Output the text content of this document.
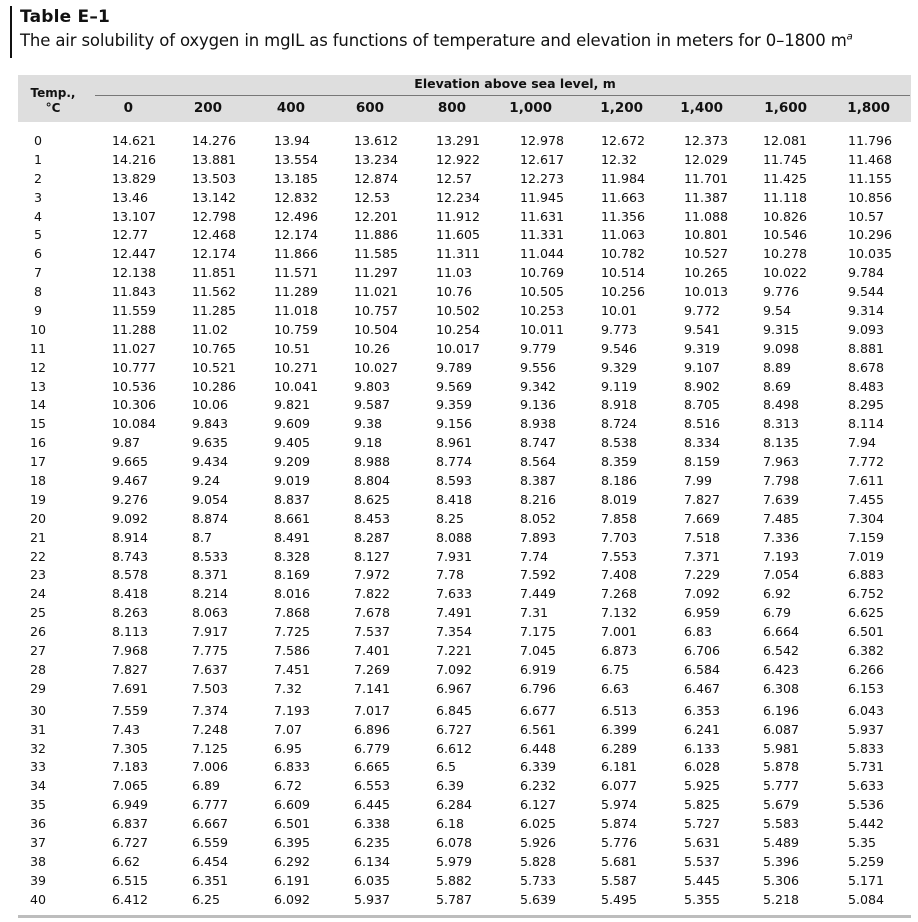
Table E–1
The air solubility of oxygen in mgIL as functions of temperature and elevation in meters for 0–1800 $m^a$
Temp.,
°C
Elevation above sea level, m
0	200	400	600	800	1,000	1,200	1,400	1,600	1,800
0	14.621	14.276	13.94	13.612	13.291	12.978	12.672	12.373	12.081	11.796
1	14.216	13.881	13.554	13.234	12.922	12.617	12.32	12.029	11.745	11.468
2	13.829	13.503	13.185	12.874	12.57	12.273	11.984	11.701	11.425	11.155
3	13.46	13.142	12.832	12.53	12.234	11.945	11.663	11.387	11.118	10.856
4	13.107	12.798	12.496	12.201	11.912	11.631	11.356	11.088	10.826	10.57
5	12.77	12.468	12.174	11.886	11.605	11.331	11.063	10.801	10.546	10.296
6	12.447	12.174	11.866	11.585	11.311	11.044	10.782	10.527	10.278	10.035
7	12.138	11.851	11.571	11.297	11.03	10.769	10.514	10.265	10.022	9.784
8	11.843	11.562	11.289	11.021	10.76	10.505	10.256	10.013	9.776	9.544
9	11.559	11.285	11.018	10.757	10.502	10.253	10.01	9.772	9.54	9.314
10	11.288	11.02	10.759	10.504	10.254	10.011	9.773	9.541	9.315	9.093
11	11.027	10.765	10.51	10.26	10.017	9.779	9.546	9.319	9.098	8.881
12	10.777	10.521	10.271	10.027	9.789	9.556	9.329	9.107	8.89	8.678
13	10.536	10.286	10.041	9.803	9.569	9.342	9.119	8.902	8.69	8.483
14	10.306	10.06	9.821	9.587	9.359	9.136	8.918	8.705	8.498	8.295
15	10.084	9.843	9.609	9.38	9.156	8.938	8.724	8.516	8.313	8.114
16	9.87	9.635	9.405	9.18	8.961	8.747	8.538	8.334	8.135	7.94
17	9.665	9.434	9.209	8.988	8.774	8.564	8.359	8.159	7.963	7.772
18	9.467	9.24	9.019	8.804	8.593	8.387	8.186	7.99	7.798	7.611
19	9.276	9.054	8.837	8.625	8.418	8.216	8.019	7.827	7.639	7.455
20	9.092	8.874	8.661	8.453	8.25	8.052	7.858	7.669	7.485	7.304
21	8.914	8.7	8.491	8.287	8.088	7.893	7.703	7.518	7.336	7.159
22	8.743	8.533	8.328	8.127	7.931	7.74	7.553	7.371	7.193	7.019
23	8.578	8.371	8.169	7.972	7.78	7.592	7.408	7.229	7.054	6.883
24	8.418	8.214	8.016	7.822	7.633	7.449	7.268	7.092	6.92	6.752
25	8.263	8.063	7.868	7.678	7.491	7.31	7.132	6.959	6.79	6.625
26	8.113	7.917	7.725	7.537	7.354	7.175	7.001	6.83	6.664	6.501
27	7.968	7.775	7.586	7.401	7.221	7.045	6.873	6.706	6.542	6.382
28	7.827	7.637	7.451	7.269	7.092	6.919	6.75	6.584	6.423	6.266
29	7.691	7.503	7.32	7.141	6.967	6.796	6.63	6.467	6.308	6.153
30	7.559	7.374	7.193	7.017	6.845	6.677	6.513	6.353	6.196	6.043
31	7.43	7.248	7.07	6.896	6.727	6.561	6.399	6.241	6.087	5.937
32	7.305	7.125	6.95	6.779	6.612	6.448	6.289	6.133	5.981	5.833
33	7.183	7.006	6.833	6.665	6.5	6.339	6.181	6.028	5.878	5.731
34	7.065	6.89	6.72	6.553	6.39	6.232	6.077	5.925	5.777	5.633
35	6.949	6.777	6.609	6.445	6.284	6.127	5.974	5.825	5.679	5.536
36	6.837	6.667	6.501	6.338	6.18	6.025	5.874	5.727	5.583	5.442
37	6.727	6.559	6.395	6.235	6.078	5.926	5.776	5.631	5.489	5.35
38	6.62	6.454	6.292	6.134	5.979	5.828	5.681	5.537	5.396	5.259
39	6.515	6.351	6.191	6.035	5.882	5.733	5.587	5.445	5.306	5.171
40	6.412	6.25	6.092	5.937	5.787	5.639	5.495	5.355	5.218	5.084
